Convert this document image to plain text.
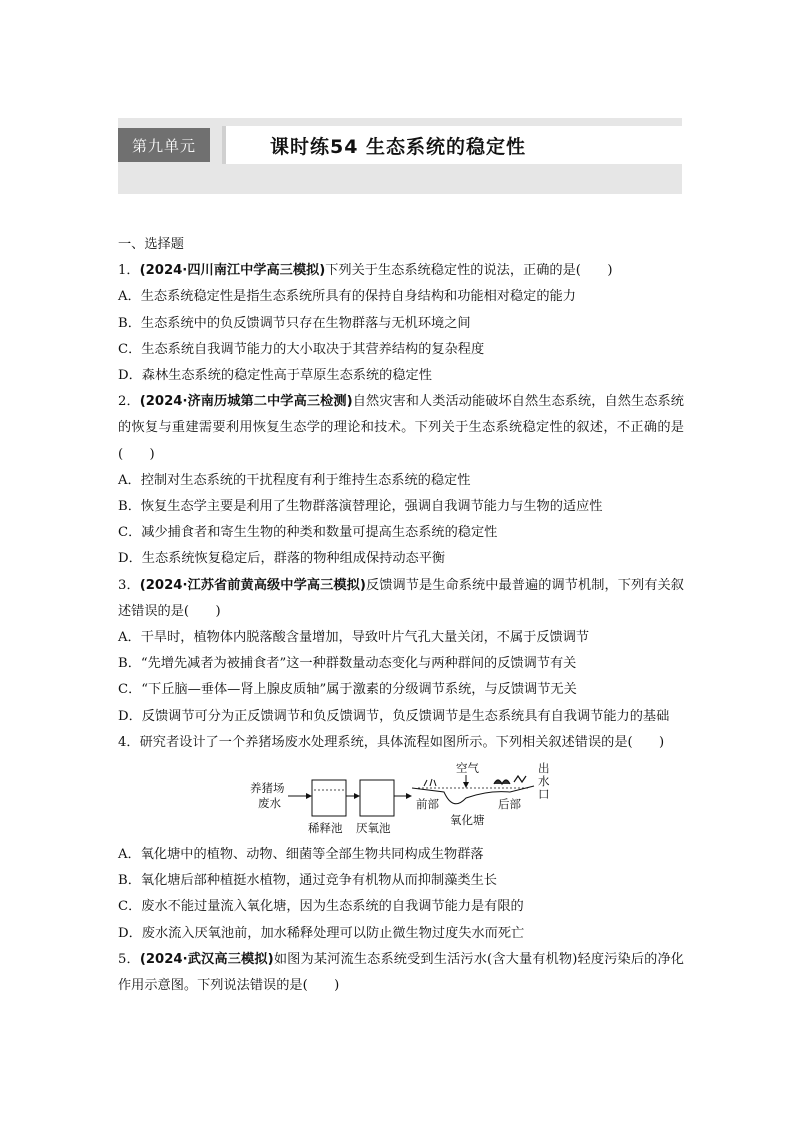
第九单元	课时练54 生态系统的稳定性
一、选择题
1．(2024·四川南江中学高三模拟)下列关于生态系统稳定性的说法，正确的是(　　)
A．生态系统稳定性是指生态系统所具有的保持自身结构和功能相对稳定的能力
B．生态系统中的负反馈调节只存在生物群落与无机环境之间
C．生态系统自我调节能力的大小取决于其营养结构的复杂程度
D．森林生态系统的稳定性高于草原生态系统的稳定性
2．(2024·济南历城第二中学高三检测)自然灾害和人类活动能破坏自然生态系统，自然生态系统的恢复与重建需要利用恢复生态学的理论和技术。下列关于生态系统稳定性的叙述，不正确的是(　　)
A．控制对生态系统的干扰程度有利于维持生态系统的稳定性
B．恢复生态学主要是利用了生物群落演替理论，强调自我调节能力与生物的适应性
C．减少捕食者和寄生生物的种类和数量可提高生态系统的稳定性
D．生态系统恢复稳定后，群落的物种组成保持动态平衡
3．(2024·江苏省前黄高级中学高三模拟)反馈调节是生命系统中最普遍的调节机制，下列有关叙述错误的是(　　)
A．干旱时，植物体内脱落酸含量增加，导致叶片气孔大量关闭，不属于反馈调节
B．“先增先减者为被捕食者”这一种群数量动态变化与两种群间的反馈调节有关
C．“下丘脑—垂体—肾上腺皮质轴”属于激素的分级调节系统，与反馈调节无关
D．反馈调节可分为正反馈调节和负反馈调节，负反馈调节是生态系统具有自我调节能力的基础
4．研究者设计了一个养猪场废水处理系统，具体流程如图所示。下列相关叙述错误的是(　　)
养猪场
废水
稀释池 厌氧池
空气
前部	后部
氧化塘
出
水
口
A．氧化塘中的植物、动物、细菌等全部生物共同构成生物群落
B．氧化塘后部种植挺水植物，通过竞争有机物从而抑制藻类生长
C．废水不能过量流入氧化塘，因为生态系统的自我调节能力是有限的
D．废水流入厌氧池前，加水稀释处理可以防止微生物过度失水而死亡
5．(2024·武汉高三模拟)如图为某河流生态系统受到生活污水(含大量有机物)轻度污染后的净化作用示意图。下列说法错误的是(　　)
